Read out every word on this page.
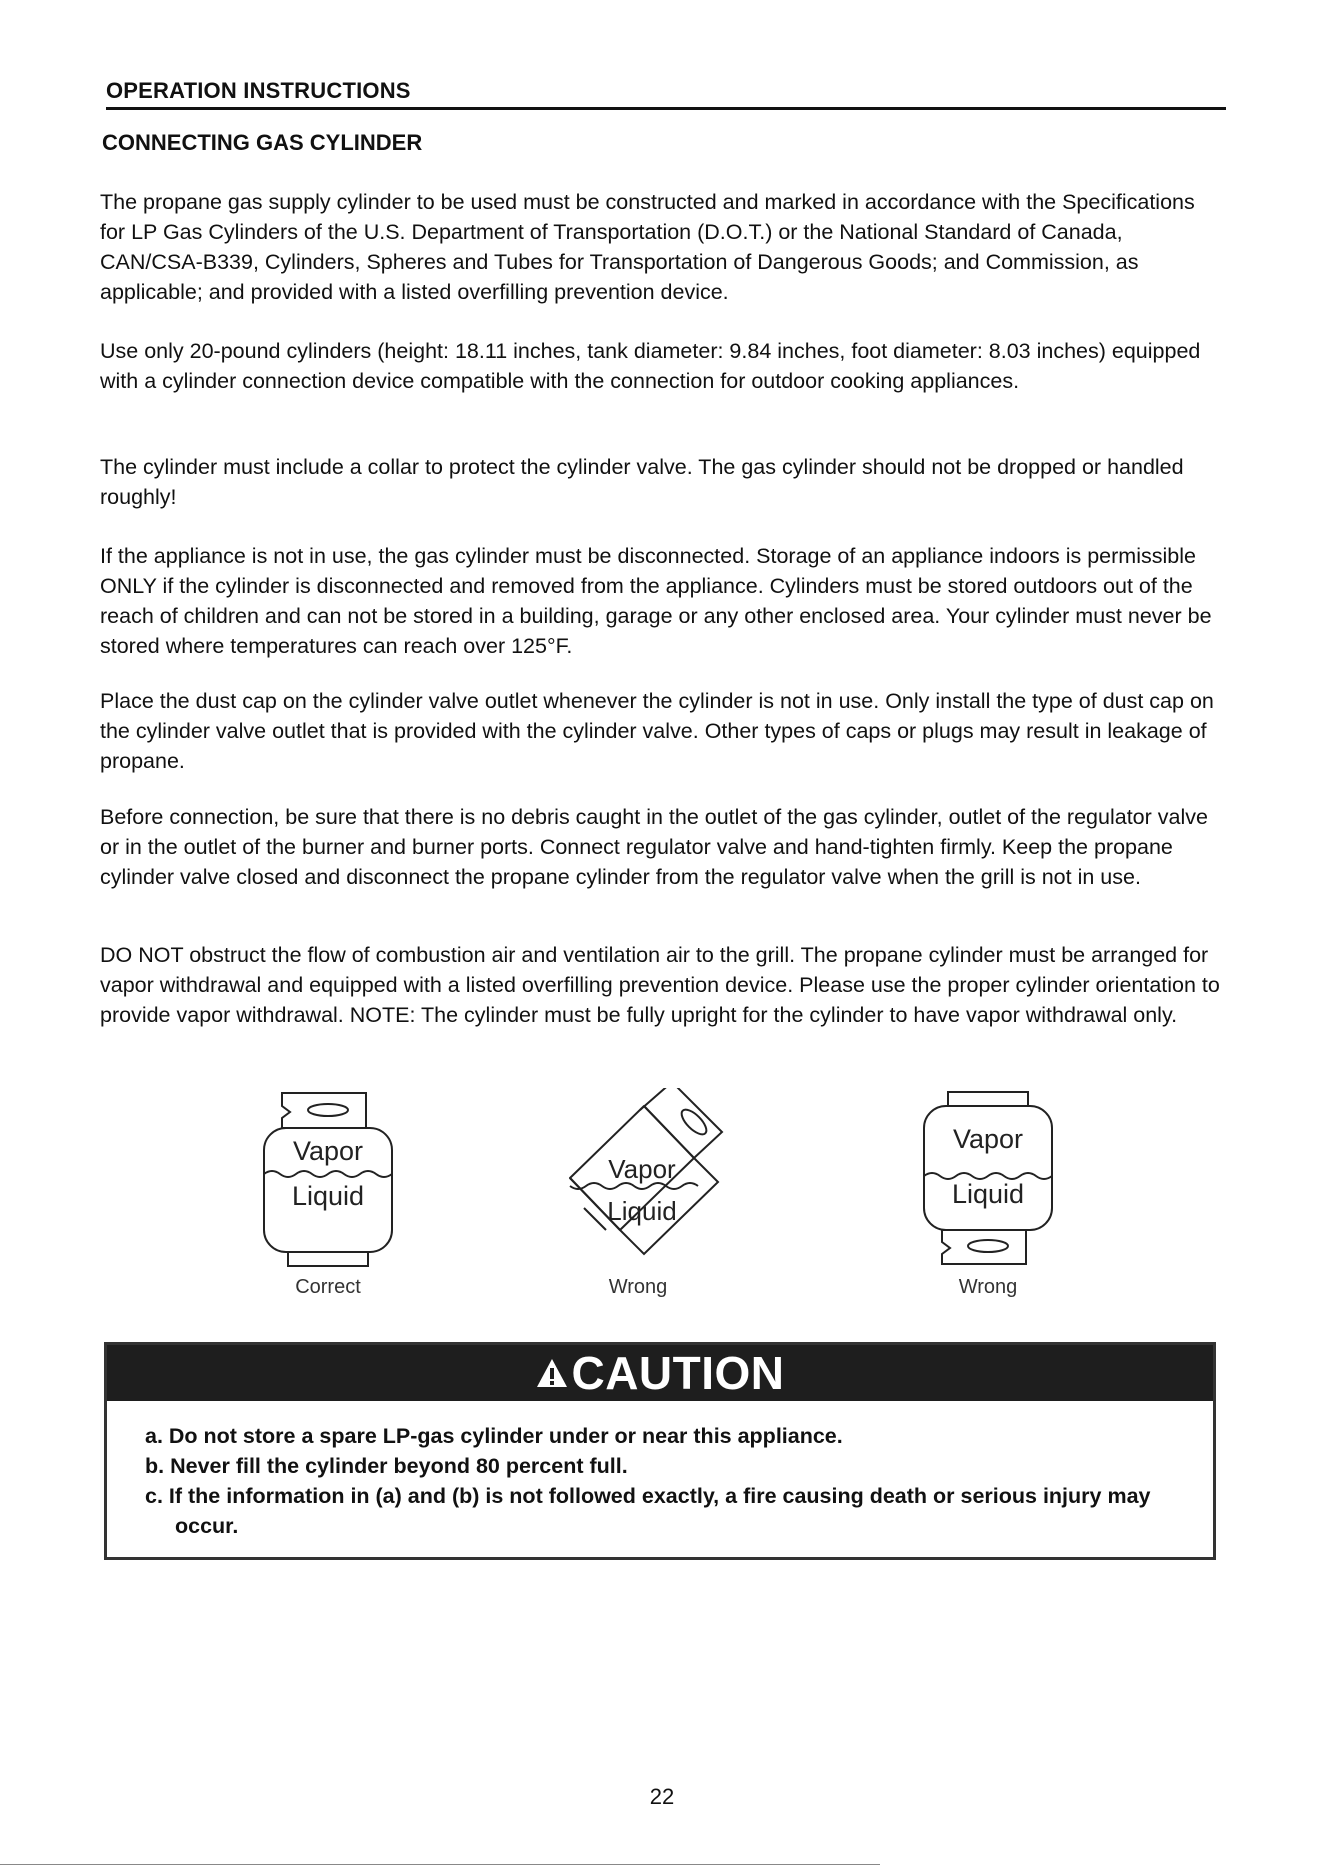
OPERATION INSTRUCTIONS
CONNECTING GAS CYLINDER

The propane gas supply cylinder to be used must be constructed and marked in accordance with the Specifications for LP Gas Cylinders of the U.S. Department of Transportation (D.O.T.) or the National Standard of Canada, CAN/CSA-B339, Cylinders, Spheres and Tubes for Transportation of Dangerous Goods; and Commission, as applicable; and provided with a listed overfilling prevention device.

Use only 20-pound cylinders (height: 18.11 inches, tank diameter: 9.84 inches, foot diameter: 8.03 inches) equipped with a cylinder connection device compatible with the connection for outdoor cooking appliances.

The cylinder must include a collar to protect the cylinder valve. The gas cylinder should not be dropped or handled roughly!

If the appliance is not in use, the gas cylinder must be disconnected. Storage of an appliance indoors is permissible ONLY if the cylinder is disconnected and removed from the appliance. Cylinders must be stored outdoors out of the reach of children and can not be stored in a building, garage or any other enclosed area. Your cylinder must never be stored where temperatures can reach over 125°F.

Place the dust cap on the cylinder valve outlet whenever the cylinder is not in use. Only install the type of dust cap on the cylinder valve outlet that is provided with the cylinder valve. Other types of caps or plugs may result in leakage of propane.

Before connection, be sure that there is no debris caught in the outlet of the gas cylinder, outlet of the regulator valve or in the outlet of the burner and burner ports. Connect regulator valve and hand-tighten firmly. Keep the propane cylinder valve closed and disconnect the propane cylinder from the regulator valve when the grill is not in use.

DO NOT obstruct the flow of combustion air and ventilation air to the grill. The propane cylinder must be arranged for vapor withdrawal and equipped with a listed overfilling prevention device. Please use the proper cylinder orientation to provide vapor withdrawal. NOTE: The cylinder must be fully upright for the cylinder to have vapor withdrawal only.

Vapor
Liquid
Correct
Vapor
Liquid
Wrong
Vapor
Liquid
Wrong
CAUTION
a. Do not store a spare LP-gas cylinder under or near this appliance.
b. Never fill the cylinder beyond 80 percent full.
c. If the information in (a) and (b) is not followed exactly, a fire causing death or serious injury may occur.
22
